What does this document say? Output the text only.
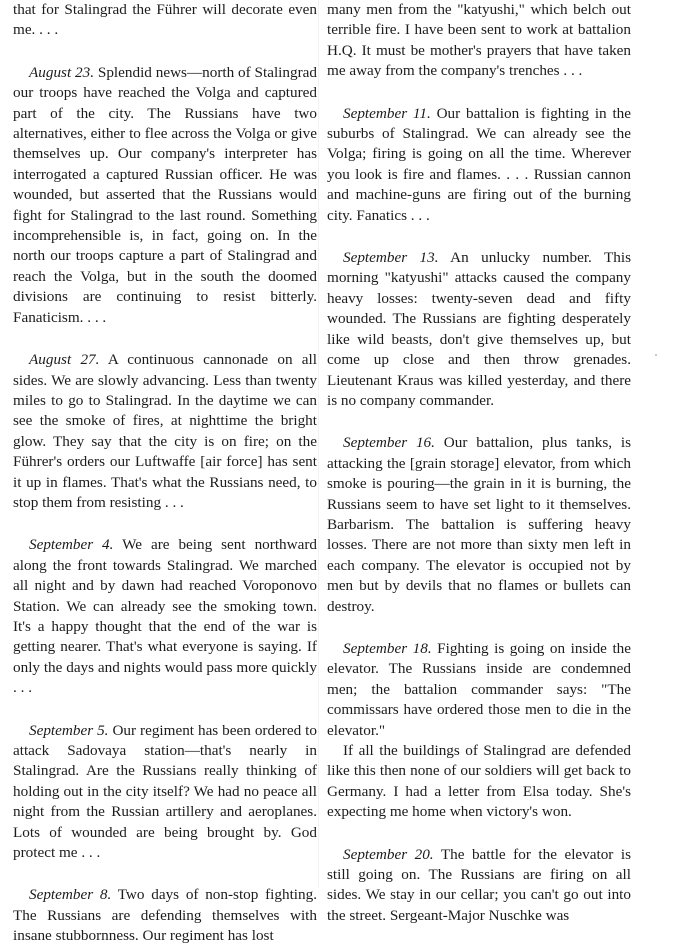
that for Stalingrad the Führer will decorate even me. . . .

August 23. Splendid news—north of Stalingrad our troops have reached the Volga and captured part of the city. The Russians have two alternatives, either to flee across the Volga or give themselves up. Our company's interpreter has interrogated a captured Russian officer. He was wounded, but asserted that the Russians would fight for Stalingrad to the last round. Something incomprehensible is, in fact, going on. In the north our troops capture a part of Stalingrad and reach the Volga, but in the south the doomed divisions are continuing to resist bitterly. Fanaticism. . . .

August 27. A continuous cannonade on all sides. We are slowly advancing. Less than twenty miles to go to Stalingrad. In the daytime we can see the smoke of fires, at nighttime the bright glow. They say that the city is on fire; on the Führer's orders our Luftwaffe [air force] has sent it up in flames. That's what the Russians need, to stop them from resisting . . .

September 4. We are being sent northward along the front towards Stalingrad. We marched all night and by dawn had reached Voroponovo Station. We can already see the smoking town. It's a happy thought that the end of the war is getting nearer. That's what everyone is saying. If only the days and nights would pass more quickly . . .

September 5. Our regiment has been ordered to attack Sadovaya station—that's nearly in Stalingrad. Are the Russians really thinking of holding out in the city itself? We had no peace all night from the Russian artillery and aeroplanes. Lots of wounded are being brought by. God protect me . . .

September 8. Two days of non-stop fighting. The Russians are defending themselves with insane stubbornness. Our regiment has lost

many men from the "katyushi," which belch out terrible fire. I have been sent to work at battalion H.Q. It must be mother's prayers that have taken me away from the company's trenches . . .

September 11. Our battalion is fighting in the suburbs of Stalingrad. We can already see the Volga; firing is going on all the time. Wherever you look is fire and flames. . . . Russian cannon and machine-guns are firing out of the burning city. Fanatics . . .

September 13. An unlucky number. This morning "katyushi" attacks caused the company heavy losses: twenty-seven dead and fifty wounded. The Russians are fighting desperately like wild beasts, don't give themselves up, but come up close and then throw grenades. Lieutenant Kraus was killed yesterday, and there is no company commander.

September 16. Our battalion, plus tanks, is attacking the [grain storage] elevator, from which smoke is pouring—the grain in it is burning, the Russians seem to have set light to it themselves. Barbarism. The battalion is suffering heavy losses. There are not more than sixty men left in each company. The elevator is occupied not by men but by devils that no flames or bullets can destroy.

September 18. Fighting is going on inside the elevator. The Russians inside are condemned men; the battalion commander says: "The commissars have ordered those men to die in the elevator."

If all the buildings of Stalingrad are defended like this then none of our soldiers will get back to Germany. I had a letter from Elsa today. She's expecting me home when victory's won.

September 20. The battle for the elevator is still going on. The Russians are firing on all sides. We stay in our cellar; you can't go out into the street. Sergeant-Major Nuschke was
